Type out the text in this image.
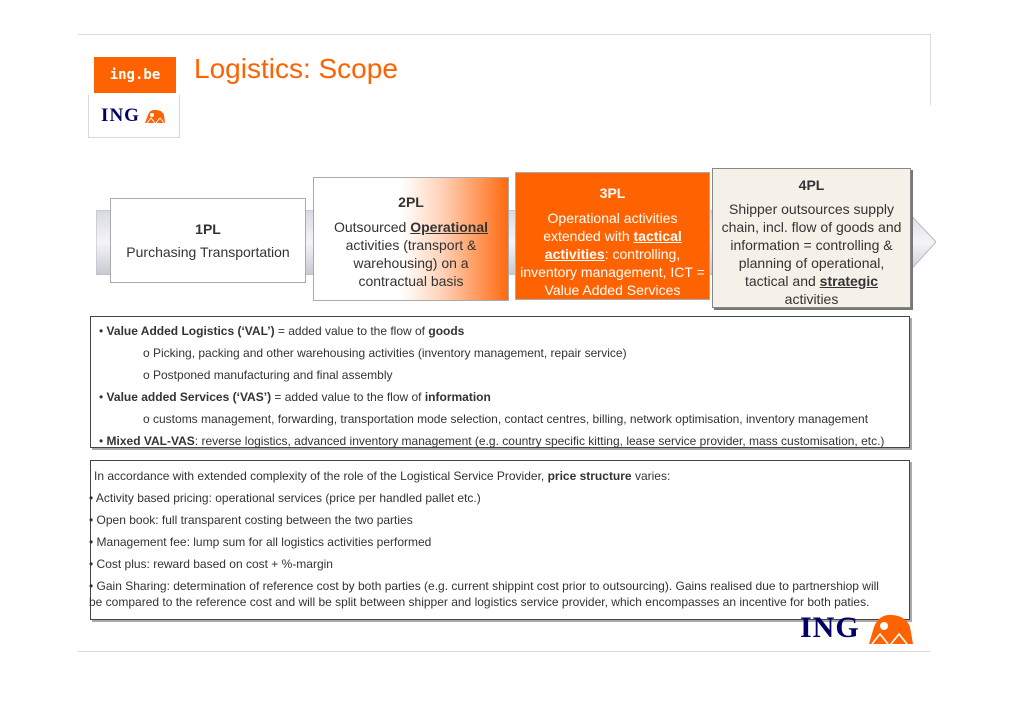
ing.be
ING
Logistics: Scope
1PL
Purchasing Transportation
2PL
Outsourced Operational
activities (transport &
warehousing) on a
contractual basis
3PL
Operational activities
extended with tactical
activities: controlling,
inventory management, ICT =
Value Added Services
4PL
Shipper outsources supply
chain, incl. flow of goods and
information = controlling &
planning of operational,
tactical and strategic
activities
• Value Added Logistics (‘VAL’) = added value to the flow of goods
o Picking, packing and other warehousing activities (inventory management, repair service)
o Postponed manufacturing and final assembly
• Value added Services (‘VAS’) = added value to the flow of information
o customs management, forwarding, transportation mode selection, contact centres, billing, network optimisation, inventory management
• Mixed VAL-VAS: reverse logistics, advanced inventory management (e.g. country specific kitting, lease service provider, mass customisation, etc.)
In accordance with extended complexity of the role of the Logistical Service Provider, price structure varies:
• Activity based pricing: operational services (price per handled pallet etc.)
• Open book: full transparent costing between the two parties
• Management fee: lump sum for all logistics activities performed
• Cost plus: reward based on cost + %-margin
• Gain Sharing: determination of reference cost by both parties (e.g. current shippint cost prior to outsourcing). Gains realised due to partnershiop will
be compared to the reference cost and will be split between shipper and logistics service provider, which encompasses an incentive for both paties.
ING
